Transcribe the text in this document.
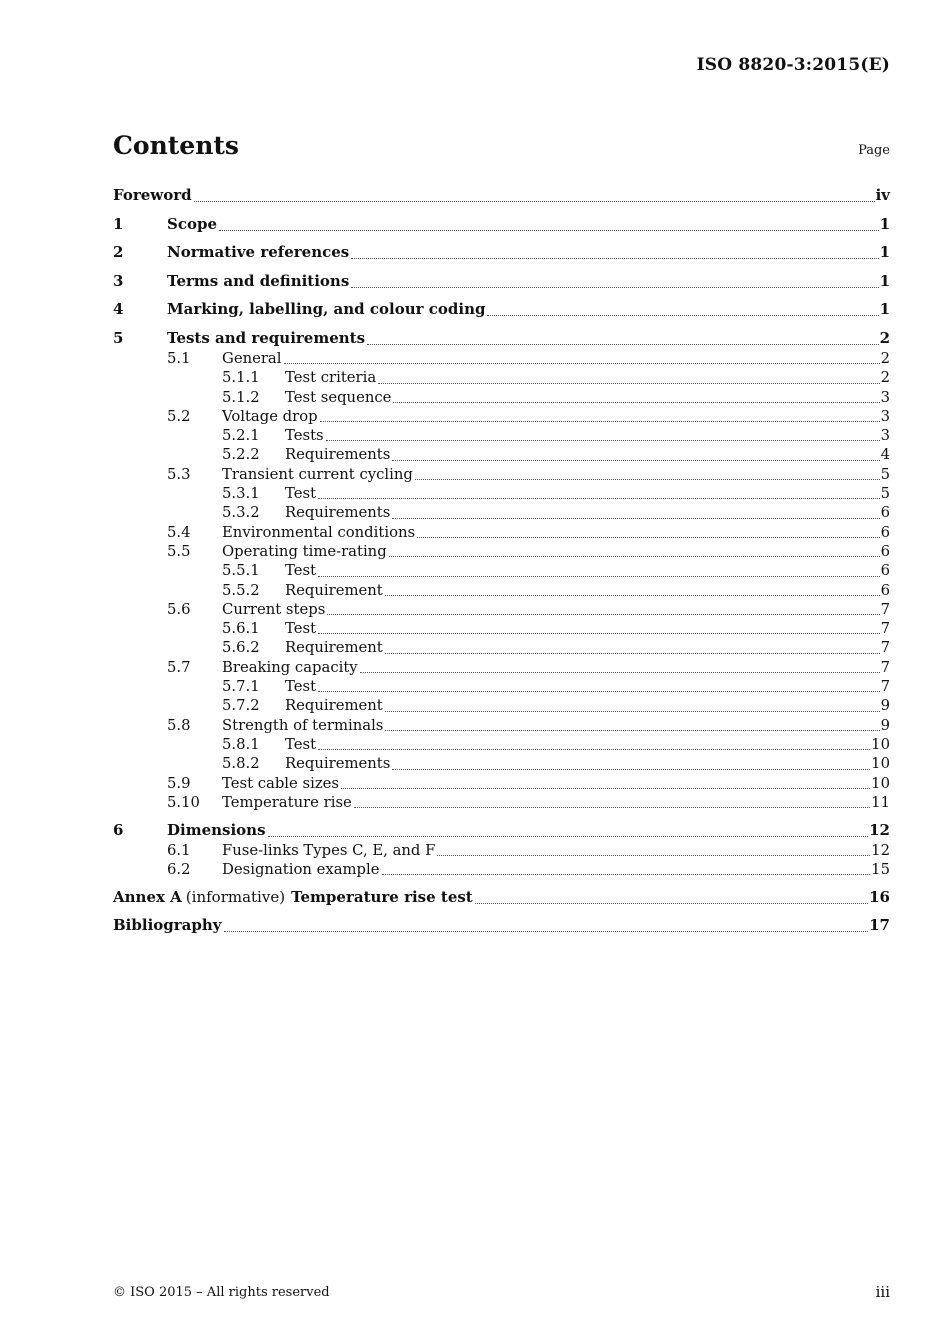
ISO 8820-3:2015(E)
Contents	Page
Foreword	iv
1	Scope	1
2	Normative references	1
3	Terms and definitions	1
4	Marking, labelling, and colour coding	1
5	Tests and requirements	2
5.1	General	2
5.1.1	Test criteria	2
5.1.2	Test sequence	3
5.2	Voltage drop	3
5.2.1	Tests	3
5.2.2	Requirements	4
5.3	Transient current cycling	5
5.3.1	Test	5
5.3.2	Requirements	6
5.4	Environmental conditions	6
5.5	Operating time-rating	6
5.5.1	Test	6
5.5.2	Requirement	6
5.6	Current steps	7
5.6.1	Test	7
5.6.2	Requirement	7
5.7	Breaking capacity	7
5.7.1	Test	7
5.7.2	Requirement	9
5.8	Strength of terminals	9
5.8.1	Test	10
5.8.2	Requirements	10
5.9	Test cable sizes	10
5.10	Temperature rise	11
6	Dimensions	12
6.1	Fuse-links Types C, E, and F	12
6.2	Designation example	15
Annex A (informative) Temperature rise test	16
Bibliography	17
© ISO 2015 – All rights reserved	iii
